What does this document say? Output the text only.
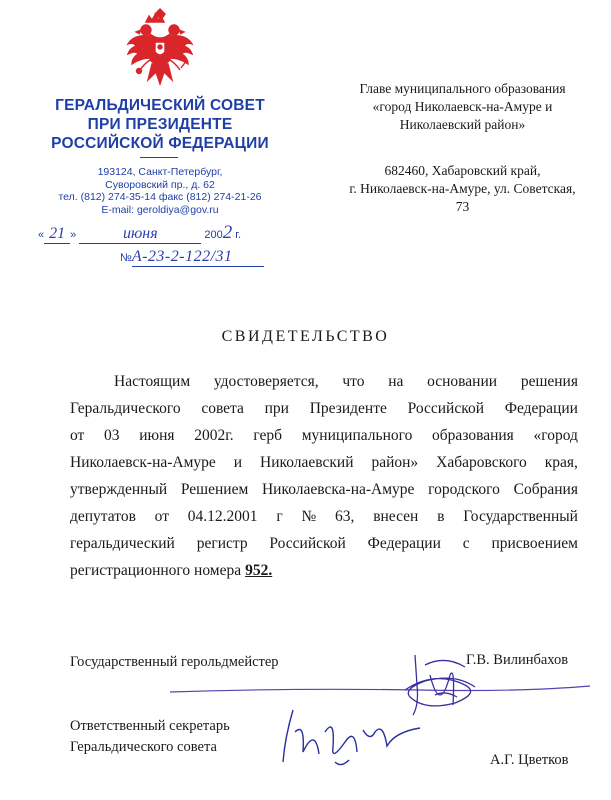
ГЕРАЛЬДИЧЕСКИЙ СОВЕТ
ПРИ ПРЕЗИДЕНТЕ
РОССИЙСКОЙ ФЕДЕРАЦИИ
193124, Санкт-Петербург,
Суворовский пр., д. 62
тел. (812) 274-35-14 факс (812) 274-21-26
E-mail: geroldiya@gov.ru
« 21 »	июня	2002 г.
№А-23-2-122/31
Главе муниципального образования
«город Николаевск-на-Амуре и
Николаевский район»
682460, Хабаровский край,
г. Николаевск-на-Амуре, ул. Советская,
73
СВИДЕТЕЛЬСТВО
Настоящим удостоверяется, что на основании решения
Геральдического совета при Президенте Российской Федерации
от 03 июня 2002г. герб муниципального образования «город
Николаевск-на-Амуре и Николаевский район» Хабаровского края,
утвержденный Решением Николаевска-на-Амуре городского Собрания
депутатов от 04.12.2001 г № 63, внесен в Государственный
геральдический регистр Российской Федерации с присвоением
регистрационного номера 952.
Государственный герольдмейстер	Г.В. Вилинбахов
Ответственный секретарь
Геральдического совета
А.Г. Цветков
